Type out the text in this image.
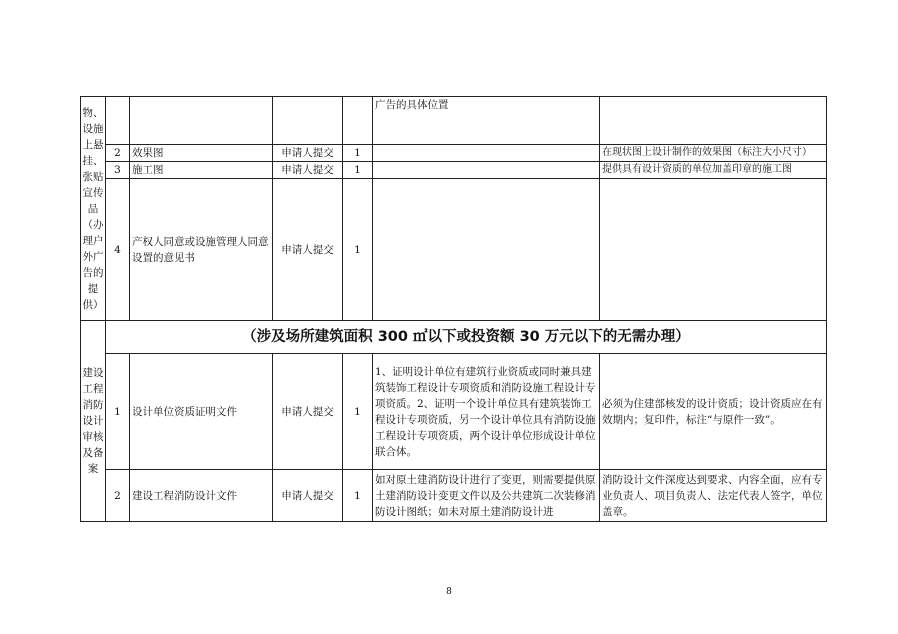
物、设施上悬挂、张贴宣传品（办理户外广告的提供）					广告的具体位置	
	2	效果图	申请人提交	1		在现状图上设计制作的效果图（标注大小尺寸）
	3	施工图	申请人提交	1		提供具有设计资质的单位加盖印章的施工图
	4	产权人同意或设施管理人同意设置的意见书	申请人提交	1		
建设工程消防设计审核及备案	（涉及场所建筑面积 300 ㎡以下或投资额 30 万元以下的无需办理）					
	1	设计单位资质证明文件	申请人提交	1	1、证明设计单位有建筑行业资质或同时兼具建筑装饰工程设计专项资质和消防设施工程设计专项资质。2、证明一个设计单位具有建筑装饰工程设计专项资质，另一个设计单位具有消防设施工程设计专项资质，两个设计单位形成设计单位联合体。	必须为住建部核发的设计资质；设计资质应在有效期内；复印件，标注“与原件一致”。
	2	建设工程消防设计文件	申请人提交	1	如对原土建消防设计进行了变更，则需要提供原土建消防设计变更文件以及公共建筑二次装修消防设计图纸；如未对原土建消防设计进	消防设计文件深度达到要求、内容全面，应有专业负责人、项目负责人、法定代表人签字，单位盖章。
8
